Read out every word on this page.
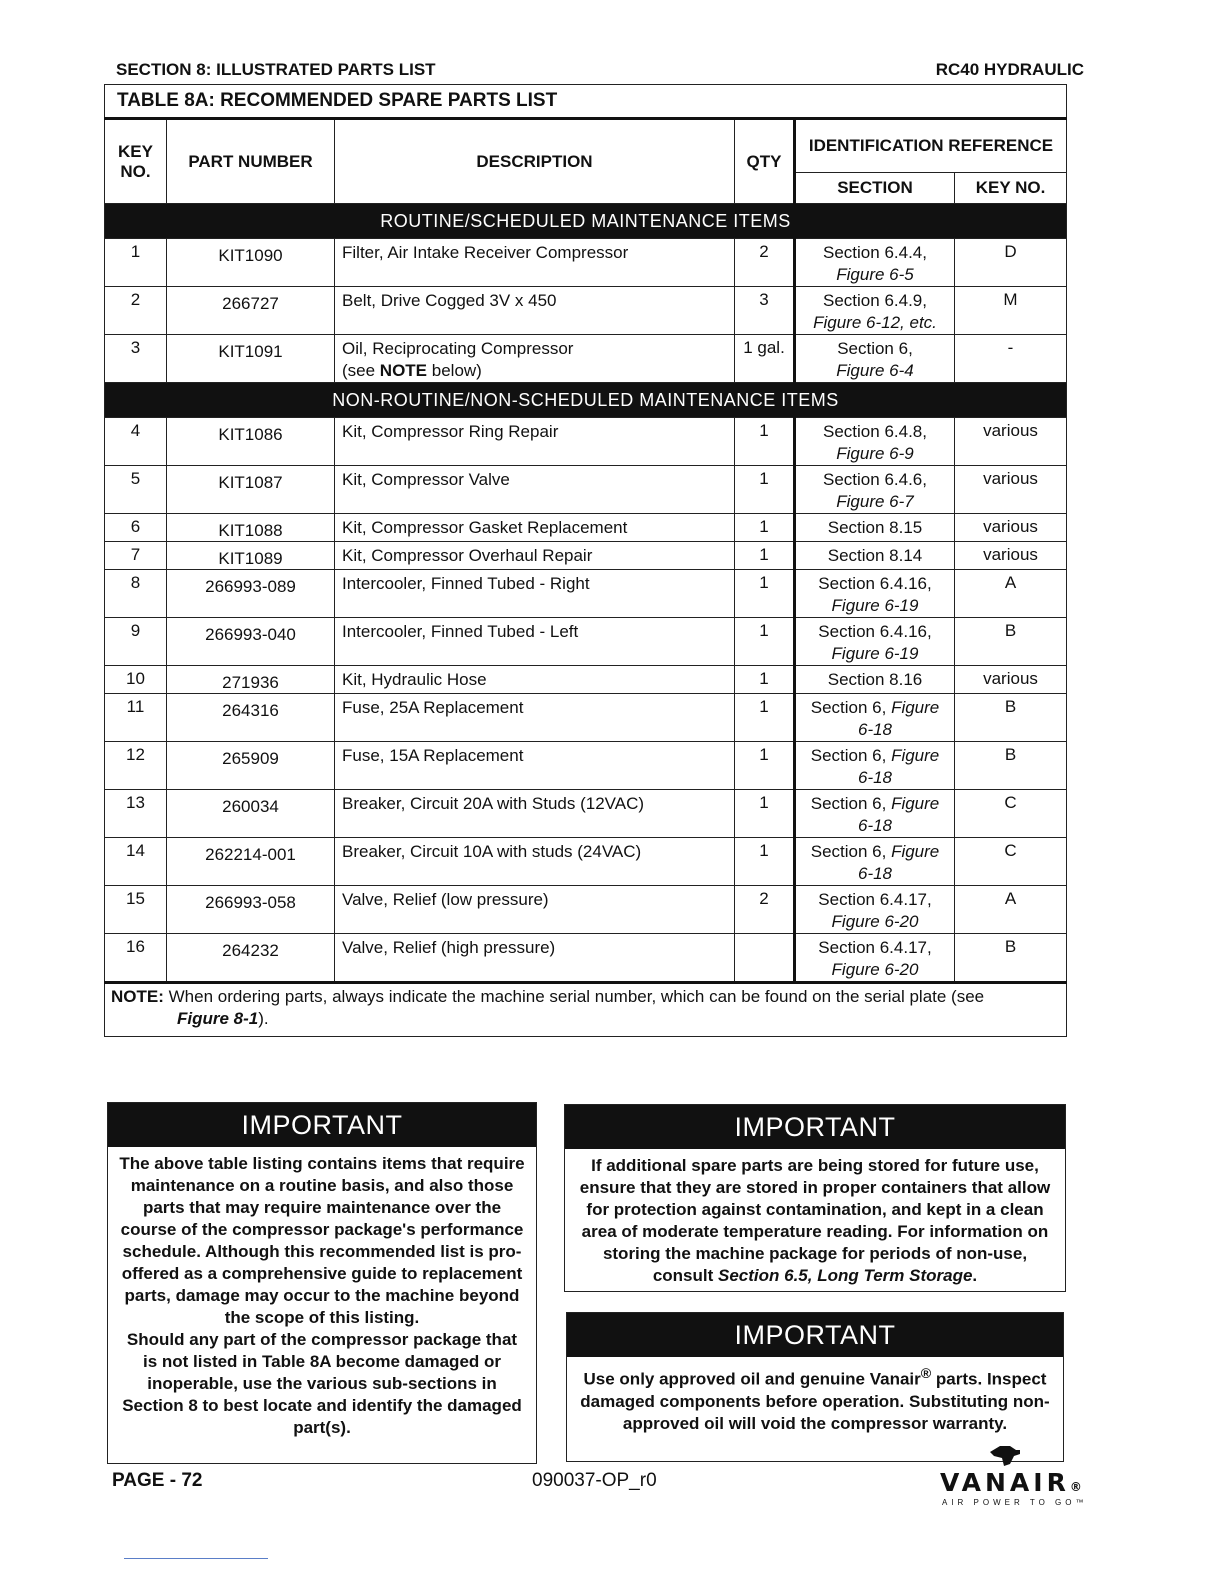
SECTION 8: ILLUSTRATED PARTS LIST	RC40 HYDRAULIC
TABLE 8A: RECOMMENDED SPARE PARTS LIST					
KEY NO.	PART NUMBER	DESCRIPTION	QTY	IDENTIFICATION REFERENCE	
				SECTION	KEY NO.
ROUTINE/SCHEDULED MAINTENANCE ITEMS					
1	KIT1090	Filter, Air Intake Receiver Compressor	2	Section 6.4.4,
Figure 6-5	D
2	266727	Belt, Drive Cogged 3V x 450	3	Section 6.4.9,
Figure 6-12, etc.	M
3	KIT1091	Oil, Reciprocating Compressor
(see NOTE below)	1 gal.	Section 6,
Figure 6-4	-
NON-ROUTINE/NON-SCHEDULED MAINTENANCE ITEMS					
4	KIT1086	Kit, Compressor Ring Repair	1	Section 6.4.8,
Figure 6-9	various
5	KIT1087	Kit, Compressor Valve	1	Section 6.4.6,
Figure 6-7	various
6	KIT1088	Kit, Compressor Gasket Replacement	1	Section 8.15	various
7	KIT1089	Kit, Compressor Overhaul Repair	1	Section 8.14	various
8	266993-089	Intercooler, Finned Tubed - Right	1	Section 6.4.16,
Figure 6-19	A
9	266993-040	Intercooler, Finned Tubed - Left	1	Section 6.4.16,
Figure 6-19	B
10	271936	Kit, Hydraulic Hose	1	Section 8.16	various
11	264316	Fuse, 25A Replacement	1	Section 6, Figure
6-18	B
12	265909	Fuse, 15A Replacement	1	Section 6, Figure
6-18	B
13	260034	Breaker, Circuit 20A with Studs (12VAC)	1	Section 6, Figure
6-18	C
14	262214-001	Breaker, Circuit 10A with studs (24VAC)	1	Section 6, Figure
6-18	C
15	266993-058	Valve, Relief (low pressure)	2	Section 6.4.17,
Figure 6-20	A
16	264232	Valve, Relief (high pressure)		Section 6.4.17,
Figure 6-20	B
NOTE: When ordering parts, always indicate the machine serial number, which can be found on the serial plate (see
Figure 8-1).					
IMPORTANT

The above table listing contains items that require maintenance on a routine basis, and also those parts that may require maintenance over the course of the compressor package's performance schedule. Although this recommended list is pro-offered as a comprehensive guide to replacement parts, damage may occur to the machine beyond the scope of this listing.

Should any part of the compressor package that is not listed in Table 8A become damaged or inoperable, use the various sub-sections in Section 8 to best locate and identify the damaged part(s).

IMPORTANT

If additional spare parts are being stored for future use, ensure that they are stored in proper containers that allow for protection against contamination, and kept in a clean area of moderate temperature reading. For information on storing the machine package for periods of non-use, consult Section 6.5, Long Term Storage.

IMPORTANT

Use only approved oil and genuine Vanair® parts. Inspect damaged components before operation. Substituting non-approved oil will void the compressor warranty.

PAGE - 72	090037-OP_r0	VANAIR®
AIR POWER TO GO™
